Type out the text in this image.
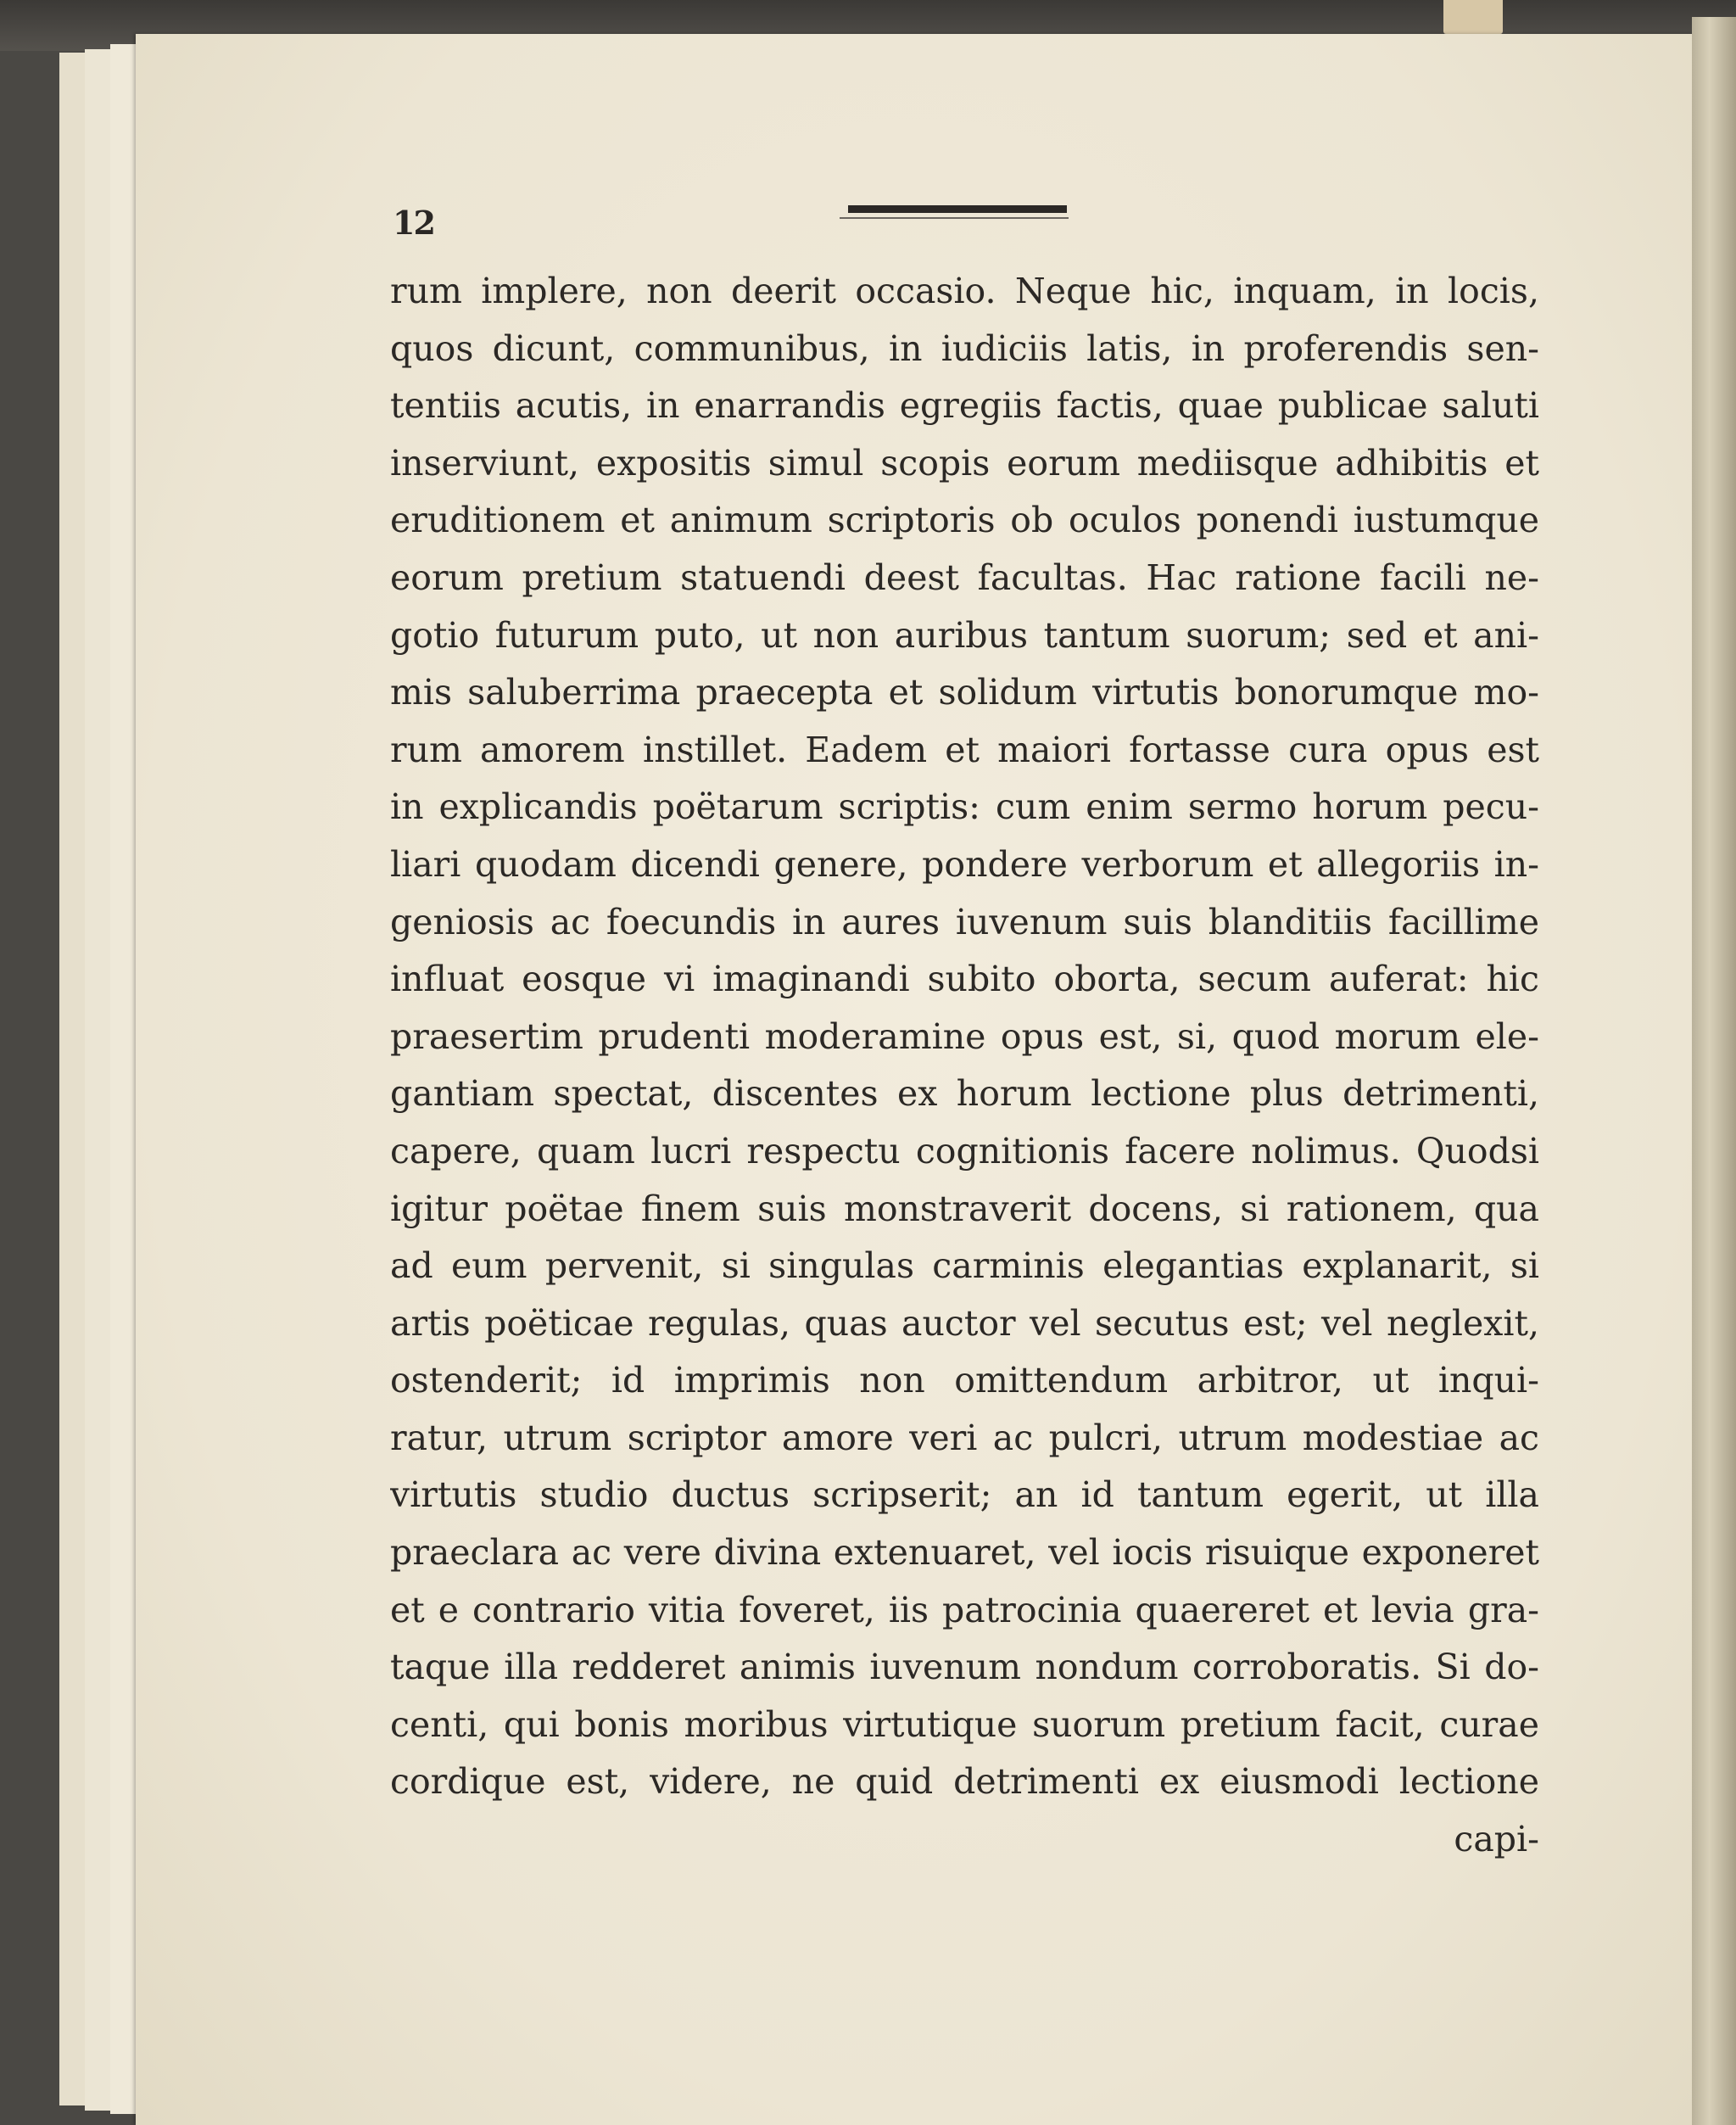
12
rum implere, non deerit occasio. Neque hic, inquam, in locis,
quos dicunt, communibus, in iudiciis latis, in proferendis sen-
tentiis acutis, in enarrandis egregiis factis, quae publicae saluti
inserviunt, expositis simul scopis eorum mediisque adhibitis et
eruditionem et animum scriptoris ob oculos ponendi iustumque
eorum pretium statuendi deest facultas. Hac ratione facili ne-
gotio futurum puto, ut non auribus tantum suorum; sed et ani-
mis saluberrima praecepta et solidum virtutis bonorumque mo-
rum amorem instillet. Eadem et maiori fortasse cura opus est
in explicandis poëtarum scriptis: cum enim sermo horum pecu-
liari quodam dicendi genere, pondere verborum et allegoriis in-
geniosis ac foecundis in aures iuvenum suis blanditiis facillime
influat eosque vi imaginandi subito oborta, secum auferat: hic
praesertim prudenti moderamine opus est, si, quod morum ele-
gantiam spectat, discentes ex horum lectione plus detrimenti,
capere, quam lucri respectu cognitionis facere nolimus. Quodsi
igitur poëtae finem suis monstraverit docens, si rationem, qua
ad eum pervenit, si singulas carminis elegantias explanarit, si
artis poëticae regulas, quas auctor vel secutus est; vel neglexit,
ostenderit; id imprimis non omittendum arbitror, ut inqui-
ratur, utrum scriptor amore veri ac pulcri, utrum modestiae ac
virtutis studio ductus scripserit; an id tantum egerit, ut illa
praeclara ac vere divina extenuaret, vel iocis risuique exponeret
et e contrario vitia foveret, iis patrocinia quaereret et levia gra-
taque illa redderet animis iuvenum nondum corroboratis. Si do-
centi, qui bonis moribus virtutique suorum pretium facit, curae
cordique est, videre, ne quid detrimenti ex eiusmodi lectione
capi-
